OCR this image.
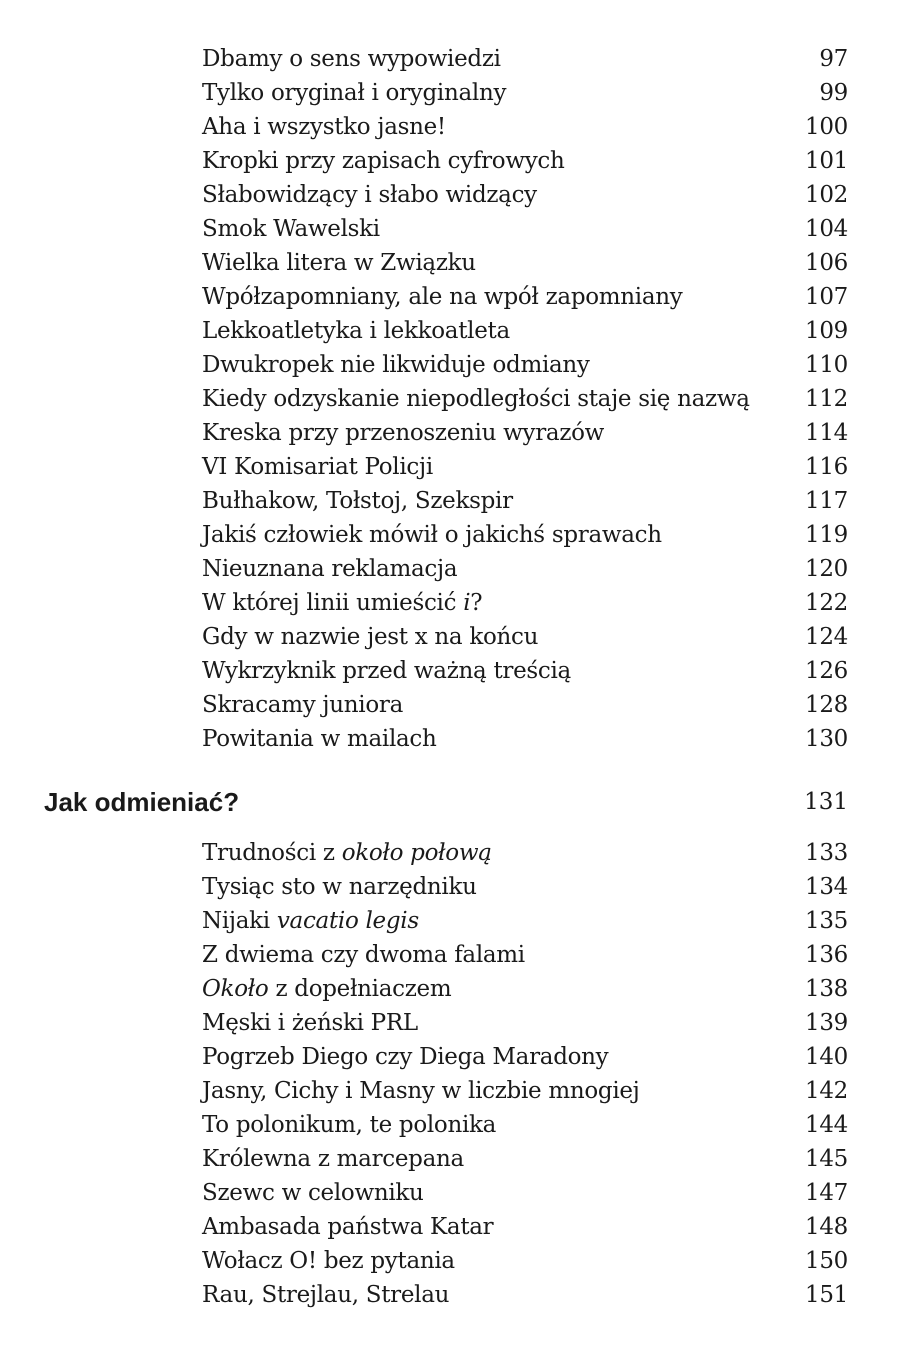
Dbamy o sens wypowiedzi	97
Tylko oryginał i oryginalny	99
Aha i wszystko jasne!	100
Kropki przy zapisach cyfrowych	101
Słabowidzący i słabo widzący	102
Smok Wawelski	104
Wielka litera w Związku	106
Wpółzapomniany, ale na wpół zapomniany	107
Lekkoatletyka i lekkoatleta	109
Dwukropek nie likwiduje odmiany	110
Kiedy odzyskanie niepodległości staje się nazwą 112
Kreska przy przenoszeniu wyrazów	114
VI Komisariat Policji	116
Bułhakow, Tołstoj, Szekspir	117
Jakiś człowiek mówił o jakichś sprawach	119
Nieuznana reklamacja	120
W której linii umieścić i?	122
Gdy w nazwie jest x na końcu	124
Wykrzyknik przed ważną treścią	126
Skracamy juniora	128
Powitania w mailach	130
Jak odmieniać?	131
Trudności z około połową	133
Tysiąc sto w narzędniku	134
Nijaki vacatio legis	135
Z dwiema czy dwoma falami	136
Około z dopełniaczem	138
Męski i żeński PRL	139
Pogrzeb Diego czy Diega Maradony	140
Jasny, Cichy i Masny w liczbie mnogiej	142
To polonikum, te polonika	144
Królewna z marcepana	145
Szewc w celowniku	147
Ambasada państwa Katar	148
Wołacz O! bez pytania	150
Rau, Strejlau, Strelau	151
